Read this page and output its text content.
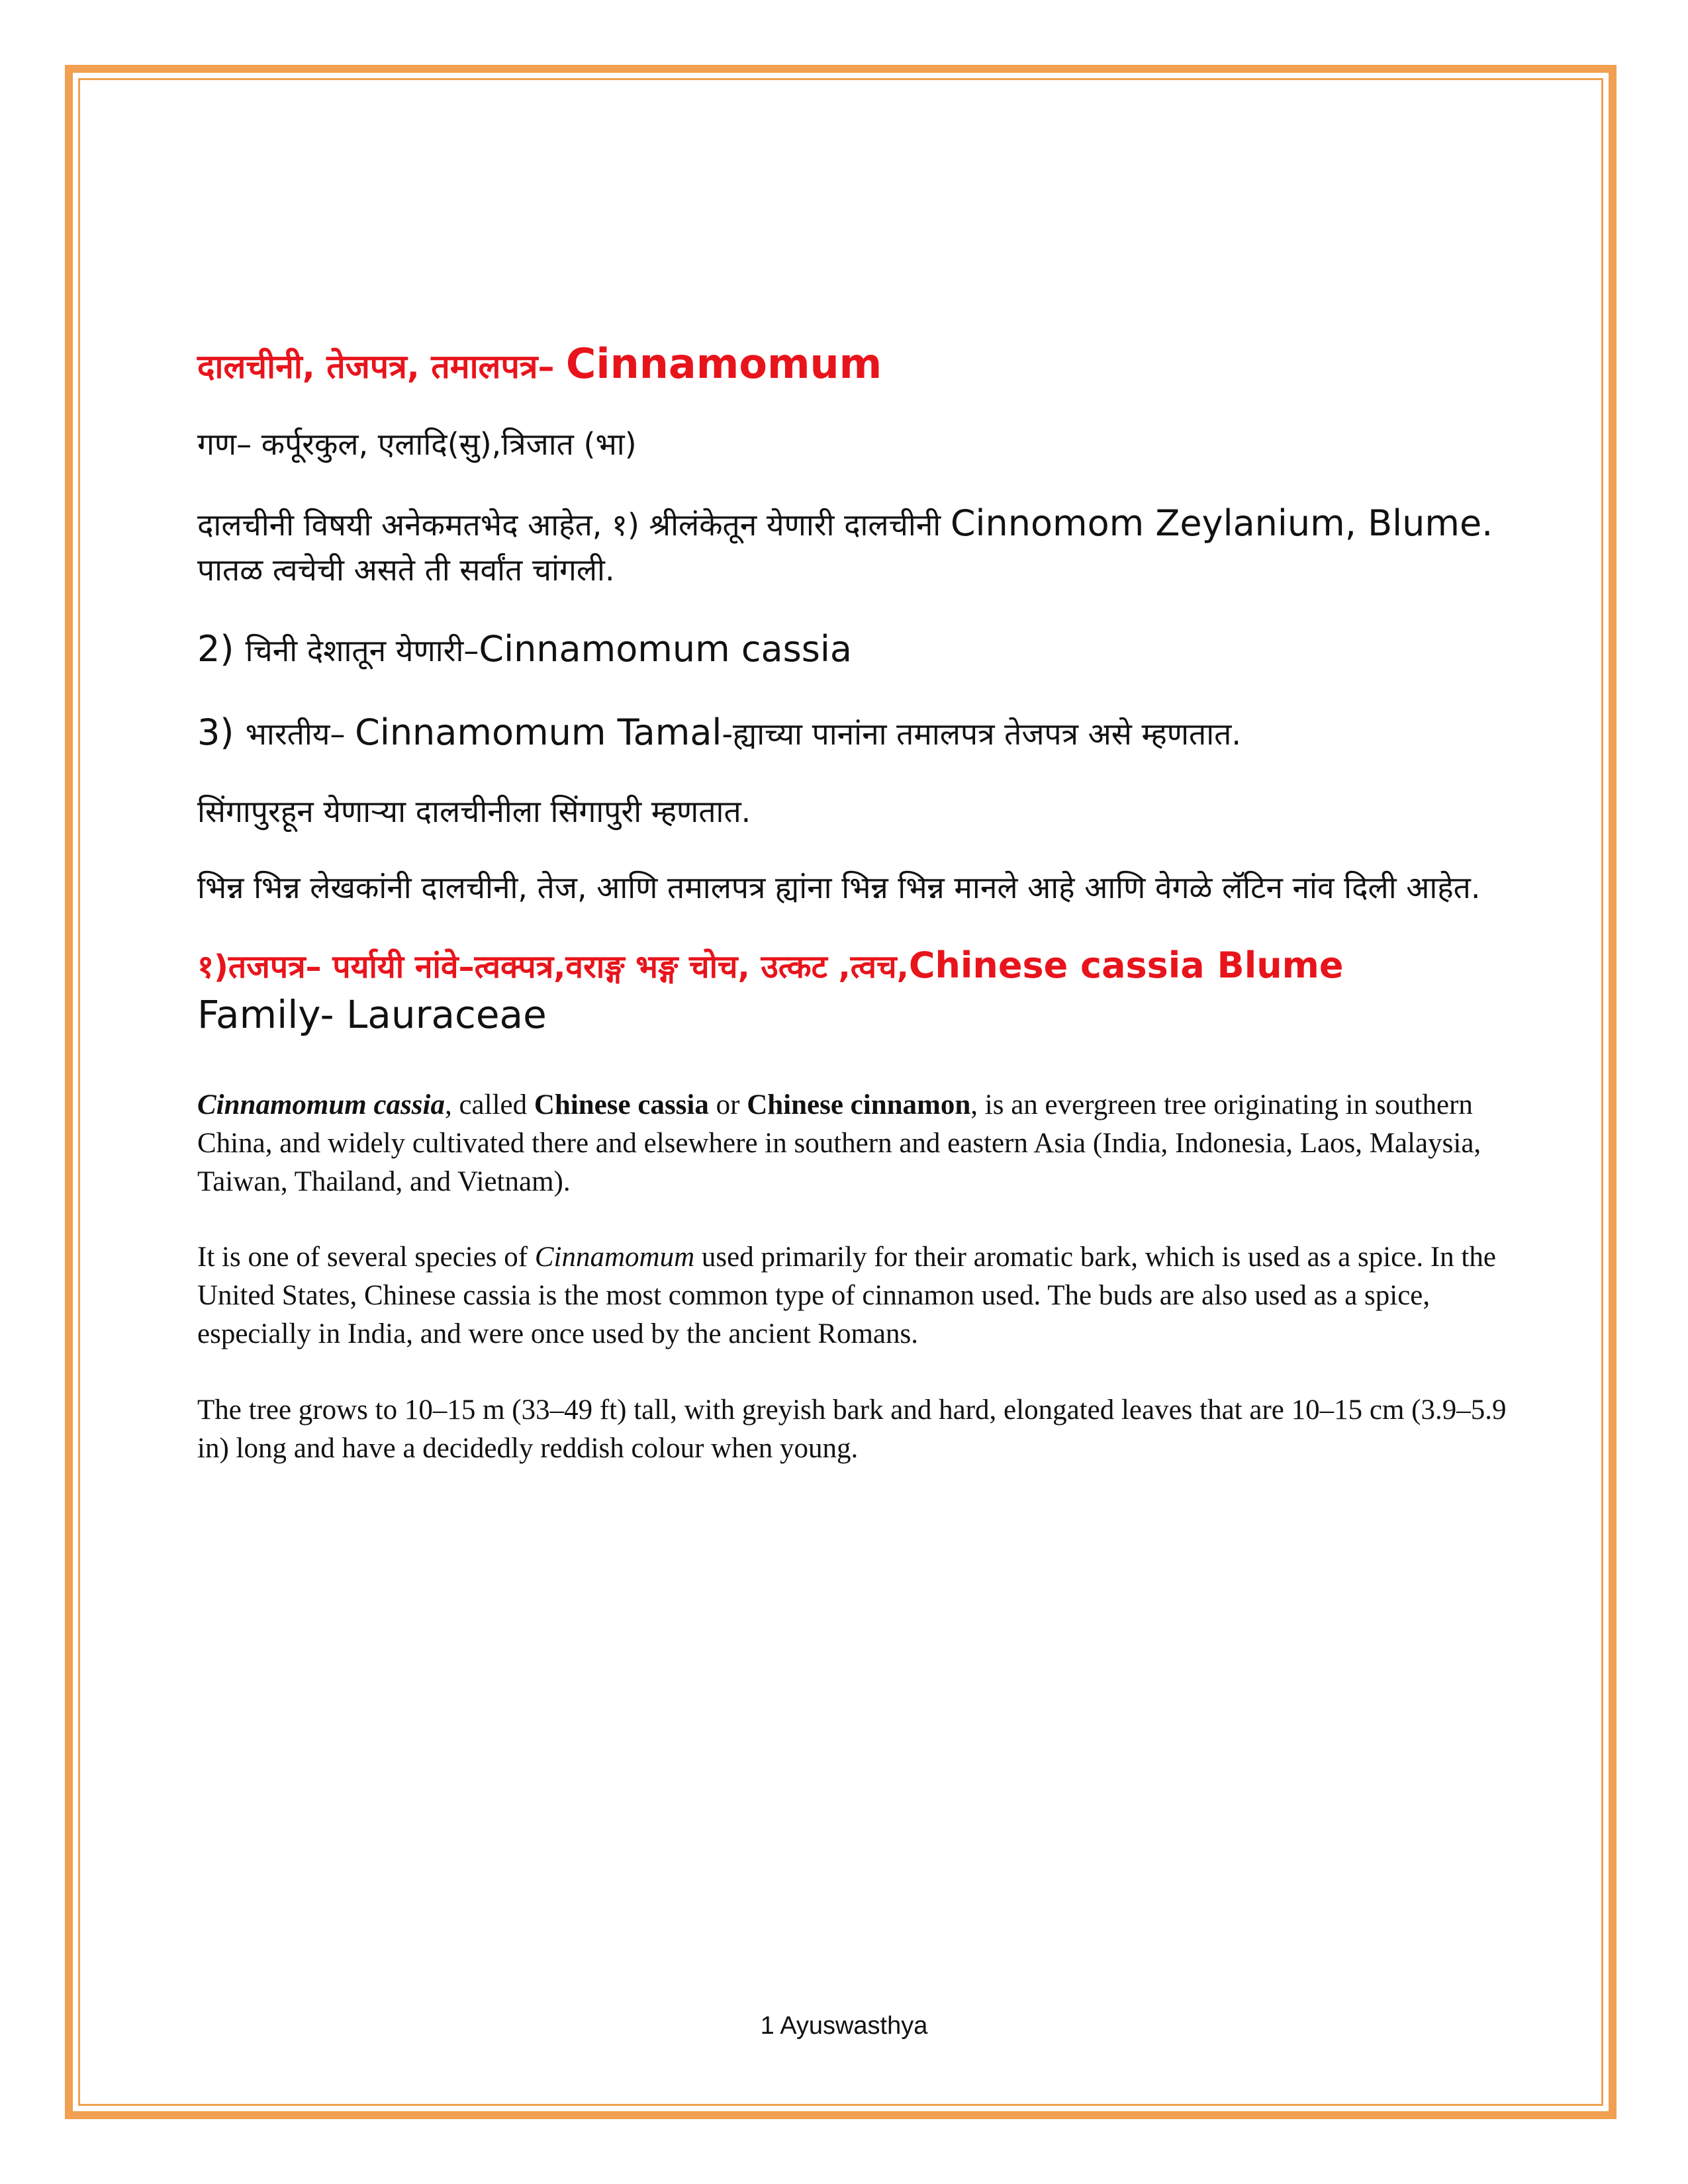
दालचीनी, तेजपत्र, तमालपत्र– Cinnamomum

गण– कर्पूरकुल, एलादि(सु),त्रिजात (भा)

दालचीनी विषयी अनेकमतभेद आहेत, १) श्रीलंकेतून येणारी दालचीनी Cinnomom Zeylanium, Blume. पातळ त्वचेची असते ती सर्वांत चांगली.

2) चिनी देशातून येणारी–Cinnamomum cassia

3) भारतीय– Cinnamomum Tamal-ह्याच्या पानांना तमालपत्र तेजपत्र असे म्हणतात.

सिंगापुरहून येणाऱ्या दालचीनीला सिंगापुरी म्हणतात.

भिन्न भिन्न लेखकांनी दालचीनी, तेज, आणि तमालपत्र ह्यांना भिन्न भिन्न मानले आहे आणि वेगळे लॅटिन नांव दिली आहेत.

१)तजपत्र– पर्यायी नांवे–त्वक्पत्र,वराङ्ग भङ्ग चोच, उत्कट ,त्वच,Chinese cassia Blume
Family- Lauraceae

Cinnamomum cassia, called Chinese cassia or Chinese cinnamon, is an evergreen tree originating in southern China, and widely cultivated there and elsewhere in southern and eastern Asia (India, Indonesia, Laos, Malaysia, Taiwan, Thailand, and Vietnam).

It is one of several species of Cinnamomum used primarily for their aromatic bark, which is used as a spice. In the United States, Chinese cassia is the most common type of cinnamon used. The buds are also used as a spice, especially in India, and were once used by the ancient Romans.

The tree grows to 10–15 m (33–49 ft) tall, with greyish bark and hard, elongated leaves that are 10–15 cm (3.9–5.9 in) long and have a decidedly reddish colour when young.

1 Ayuswasthya
